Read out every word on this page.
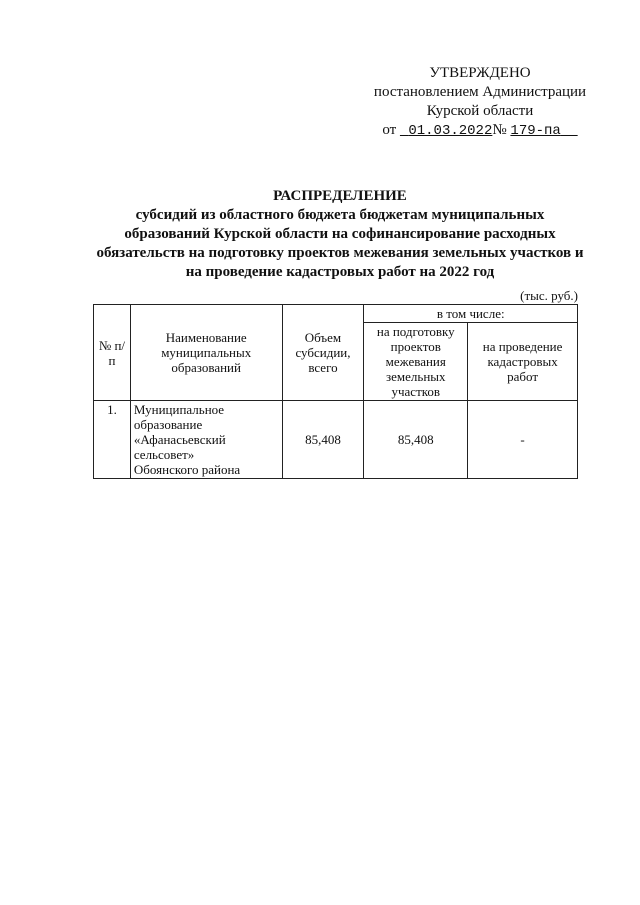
УТВЕРЖДЕНО
постановлением Администрации
Курской области
от 01.03.2022№ 179-па
РАСПРЕДЕЛЕНИЕ
субсидий из областного бюджета бюджетам муниципальных
образований Курской области на софинансирование расходных
обязательств на подготовку проектов межевания земельных участков и
на проведение кадастровых работ на 2022 год
(тыс. руб.)
№ п/п	Наименование муниципальных образований	Объем субсидии, всего	в том числе:	
			на подготовку проектов межевания земельных участков	на проведение кадастровых работ
1.	Муниципальное
образование
«Афанасьевский
сельсовет»
Обоянского района	85,408	85,408	-
